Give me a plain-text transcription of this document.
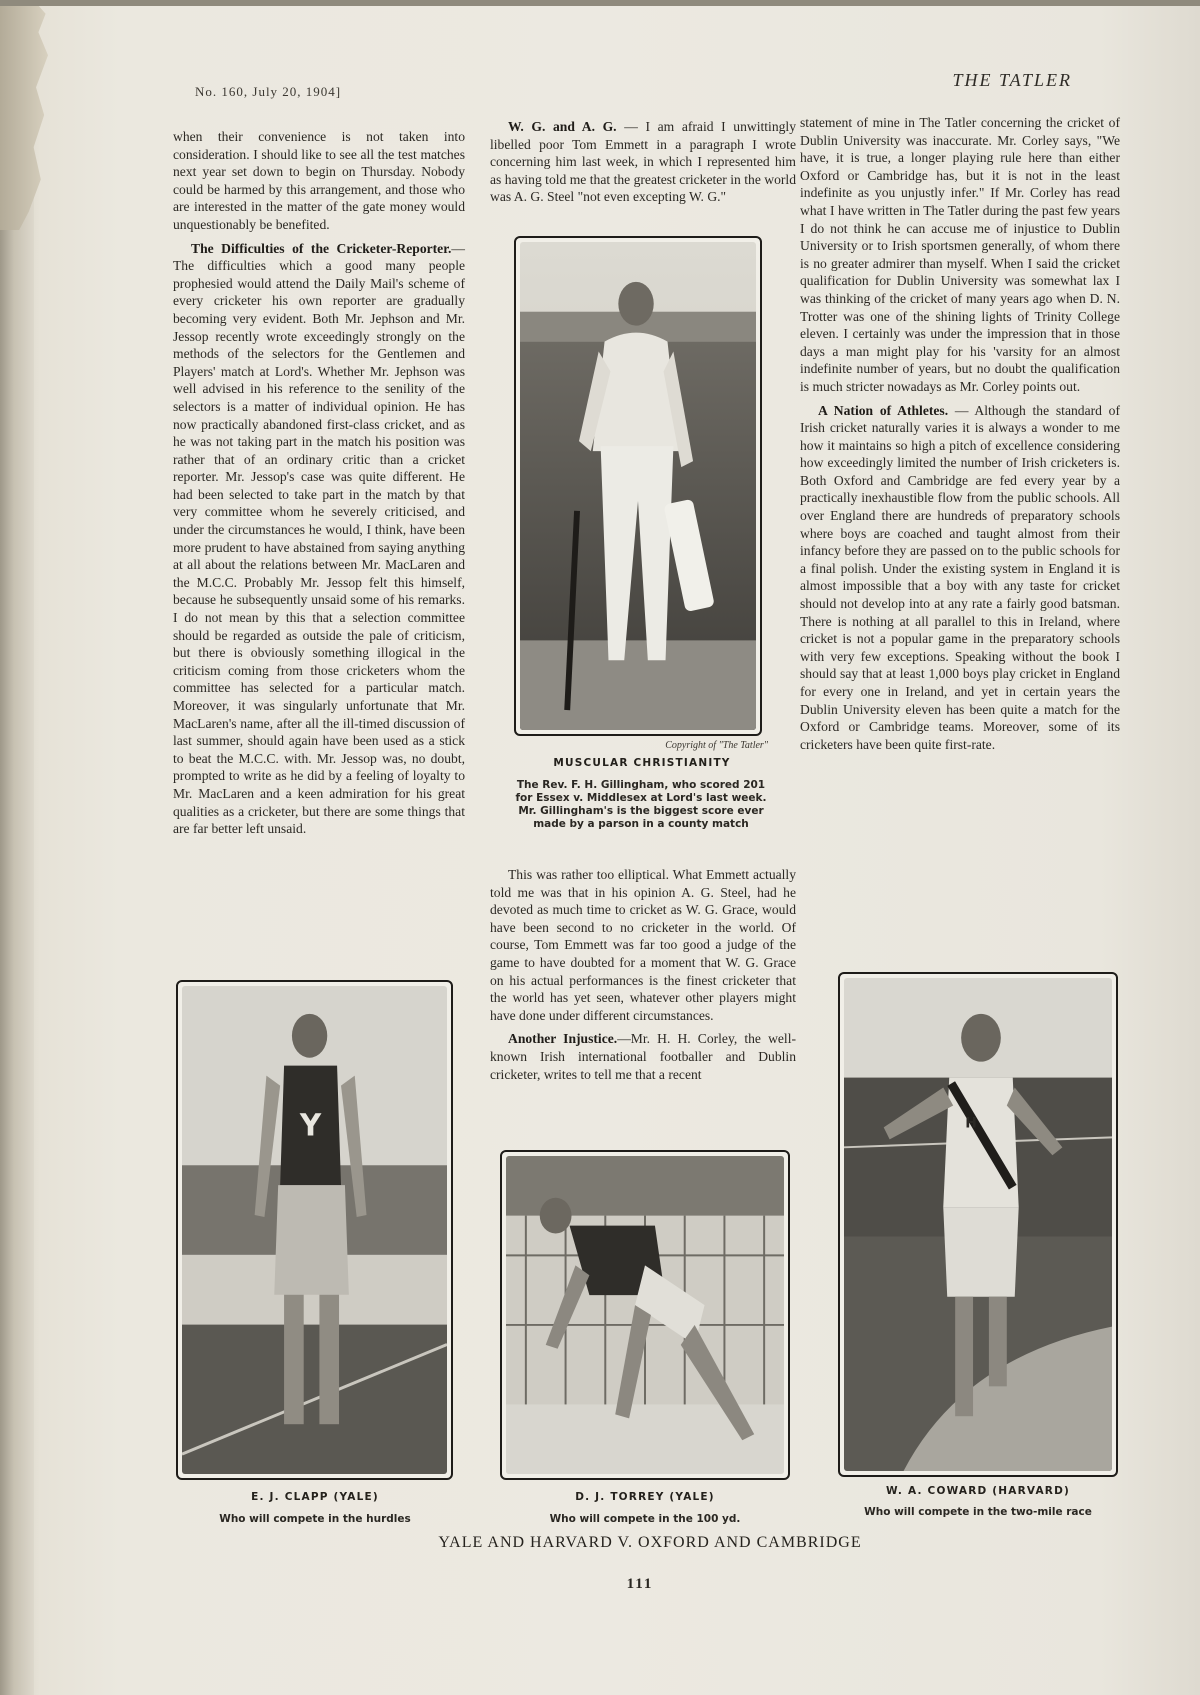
No. 160, July 20, 1904]
THE TATLER

when their convenience is not taken into consideration. I should like to see all the test matches next year set down to begin on Thursday. Nobody could be harmed by this arrangement, and those who are interested in the matter of the gate money would unquestionably be benefited.

The Difficulties of the Cricketer-Reporter.—The difficulties which a good many people prophesied would attend the Daily Mail's scheme of every cricketer his own reporter are gradually becoming very evident. Both Mr. Jephson and Mr. Jessop recently wrote exceedingly strongly on the methods of the selectors for the Gentlemen and Players' match at Lord's. Whether Mr. Jephson was well advised in his reference to the senility of the selectors is a matter of individual opinion. He has now practically abandoned first-class cricket, and as he was not taking part in the match his position was rather that of an ordinary critic than a cricket reporter. Mr. Jessop's case was quite different. He had been selected to take part in the match by that very committee whom he severely criticised, and under the circumstances he would, I think, have been more prudent to have abstained from saying anything at all about the relations between Mr. MacLaren and the M.C.C. Probably Mr. Jessop felt this himself, because he subsequently unsaid some of his remarks. I do not mean by this that a selection committee should be regarded as outside the pale of criticism, but there is obviously something illogical in the criticism coming from those cricketers whom the committee has selected for a particular match. Moreover, it was singularly unfortunate that Mr. MacLaren's name, after all the ill-timed discussion of last summer, should again have been used as a stick to beat the M.C.C. with. Mr. Jessop was, no doubt, prompted to write as he did by a feeling of loyalty to Mr. MacLaren and a keen admiration for his great qualities as a cricketer, but there are some things that are far better left unsaid.

W. G. and A. G. — I am afraid I unwittingly libelled poor Tom Emmett in a paragraph I wrote concerning him last week, in which I represented him as having told me that the greatest cricketer in the world was A. G. Steel "not even excepting W. G."

Copyright of "The Tatler"
MUSCULAR CHRISTIANITY
The Rev. F. H. Gillingham, who scored 201 for Essex v. Middlesex at Lord's last week. Mr. Gillingham's is the biggest score ever made by a parson in a county match

This was rather too elliptical. What Emmett actually told me was that in his opinion A. G. Steel, had he devoted as much time to cricket as W. G. Grace, would have been second to no cricketer in the world. Of course, Tom Emmett was far too good a judge of the game to have doubted for a moment that W. G. Grace on his actual performances is the finest cricketer that the world has yet seen, whatever other players might have done under different circumstances.

Another Injustice.—Mr. H. H. Corley, the well-known Irish international footballer and Dublin cricketer, writes to tell me that a recent

statement of mine in The Tatler concerning the cricket of Dublin University was inaccurate. Mr. Corley says, "We have, it is true, a longer playing rule here than either Oxford or Cambridge has, but it is not in the least indefinite as you unjustly infer." If Mr. Corley has read what I have written in The Tatler during the past few years I do not think he can accuse me of injustice to Dublin University or to Irish sportsmen generally, of whom there is no greater admirer than myself. When I said the cricket qualification for Dublin University was somewhat lax I was thinking of the cricket of many years ago when D. N. Trotter was one of the shining lights of Trinity College eleven. I certainly was under the impression that in those days a man might play for his 'varsity for an almost indefinite number of years, but no doubt the qualification is much stricter nowadays as Mr. Corley points out.

A Nation of Athletes. — Although the standard of Irish cricket naturally varies it is always a wonder to me how it maintains so high a pitch of excellence considering how exceedingly limited the number of Irish cricketers is. Both Oxford and Cambridge are fed every year by a practically inexhaustible flow from the public schools. All over England there are hundreds of preparatory schools where boys are coached and taught almost from their infancy before they are passed on to the public schools for a final polish. Under the existing system in England it is almost impossible that a boy with any taste for cricket should not develop into at any rate a fairly good batsman. There is nothing at all parallel to this in Ireland, where cricket is not a popular game in the preparatory schools with very few exceptions. Speaking without the book I should say that at least 1,000 boys play cricket in England for every one in Ireland, and yet in certain years the Dublin University eleven has been quite a match for the Oxford or Cambridge teams. Moreover, some of its cricketers have been quite first-rate.

Y
E. J. CLAPP (YALE)
Who will compete in the hurdles
D. J. TORREY (YALE)
Who will compete in the 100 yd.
H
W. A. COWARD (HARVARD)
Who will compete in the two-mile race
YALE AND HARVARD V. OXFORD AND CAMBRIDGE
111
